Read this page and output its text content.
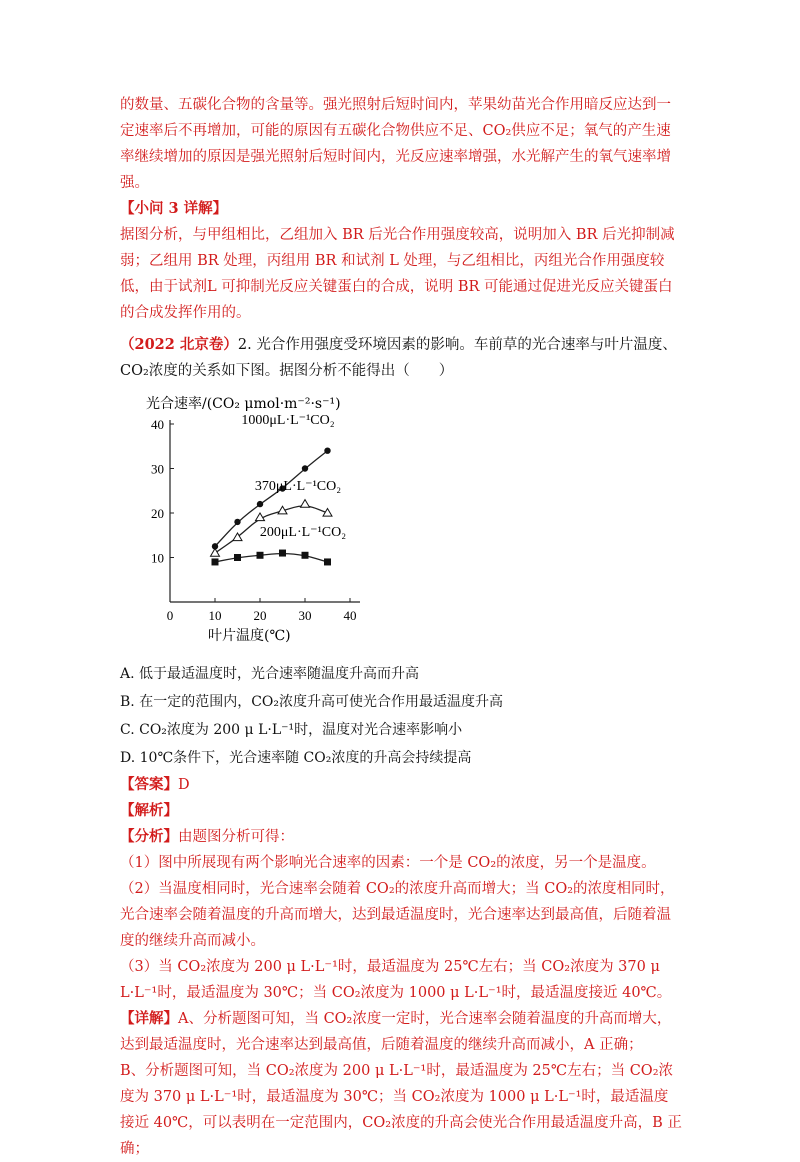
的数量、五碳化合物的含量等。强光照射后短时间内，苹果幼苗光合作用暗反应达到一定速率后不再增加，可能的原因有五碳化合物供应不足、CO₂供应不足；氧气的产生速率继续增加的原因是强光照射后短时间内，光反应速率增强，水光解产生的氧气速率增强。

【小问 3 详解】

据图分析，与甲组相比，乙组加入 BR 后光合作用强度较高，说明加入 BR 后光抑制减弱；乙组用 BR 处理，丙组用 BR 和试剂 L 处理，与乙组相比，丙组光合作用强度较低，由于试剂L 可抑制光反应关键蛋白的合成，说明 BR 可能通过促进光反应关键蛋白的合成发挥作用的。

（2022 北京卷）2. 光合作用强度受环境因素的影响。车前草的光合速率与叶片温度、CO₂浓度的关系如下图。据图分析不能得出（　　）

0	10 20 30 40
10
20
30
40
光合速率/(CO₂ μmol·m⁻²·s⁻¹)
叶片温度(℃)
1000μL·L⁻¹CO₂
370μL·L⁻¹CO₂
200μL·L⁻¹CO₂

A. 低于最适温度时，光合速率随温度升高而升高

B. 在一定的范围内，CO₂浓度升高可使光合作用最适温度升高

C. CO₂浓度为 200 μ L·L⁻¹时，温度对光合速率影响小

D. 10℃条件下，光合速率随 CO₂浓度的升高会持续提高

【答案】D

【解析】

【分析】由题图分析可得：

（1）图中所展现有两个影响光合速率的因素：一个是 CO₂的浓度，另一个是温度。

（2）当温度相同时，光合速率会随着 CO₂的浓度升高而增大；当 CO₂的浓度相同时，光合速率会随着温度的升高而增大，达到最适温度时，光合速率达到最高值，后随着温度的继续升高而减小。

（3）当 CO₂浓度为 200 μ L·L⁻¹时，最适温度为 25℃左右；当 CO₂浓度为 370 μ L·L⁻¹时，最适温度为 30℃；当 CO₂浓度为 1000 μ L·L⁻¹时，最适温度接近 40℃。

【详解】A、分析题图可知，当 CO₂浓度一定时，光合速率会随着温度的升高而增大，达到最适温度时，光合速率达到最高值，后随着温度的继续升高而减小，A 正确；

B、分析题图可知，当 CO₂浓度为 200 μ L·L⁻¹时，最适温度为 25℃左右；当 CO₂浓度为 370 μ L·L⁻¹时，最适温度为 30℃；当 CO₂浓度为 1000 μ L·L⁻¹时，最适温度接近 40℃，可以表明在一定范围内，CO₂浓度的升高会使光合作用最适温度升高，B 正确；
